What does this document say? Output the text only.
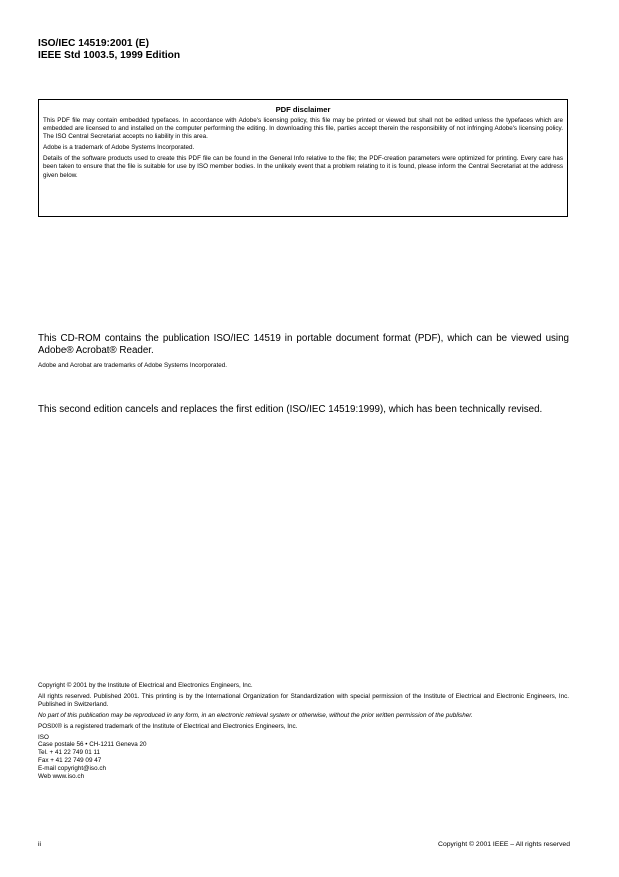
ISO/IEC 14519:2001 (E)
IEEE Std 1003.5, 1999 Edition
PDF disclaimer

This PDF file may contain embedded typefaces. In accordance with Adobe's licensing policy, this file may be printed or viewed but shall not be edited unless the typefaces which are embedded are licensed to and installed on the computer performing the editing. In downloading this file, parties accept therein the responsibility of not infringing Adobe's licensing policy. The ISO Central Secretariat accepts no liability in this area.

Adobe is a trademark of Adobe Systems Incorporated.

Details of the software products used to create this PDF file can be found in the General Info relative to the file; the PDF-creation parameters were optimized for printing. Every care has been taken to ensure that the file is suitable for use by ISO member bodies. In the unlikely event that a problem relating to it is found, please inform the Central Secretariat at the address given below.

This CD-ROM contains the publication ISO/IEC 14519 in portable document format (PDF), which can be viewed using Adobe® Acrobat® Reader.

Adobe and Acrobat are trademarks of Adobe Systems Incorporated.

This second edition cancels and replaces the first edition (ISO/IEC 14519:1999), which has been technically revised.

Copyright © 2001 by the Institute of Electrical and Electronics Engineers, Inc.

All rights reserved. Published 2001. This printing is by the International Organization for Standardization with special permission of the Institute of Electrical and Electronic Engineers, Inc. Published in Switzerland.

No part of this publication may be reproduced in any form, in an electronic retrieval system or otherwise, without the prior written permission of the publisher.

POSIX® is a registered trademark of the Institute of Electrical and Electronics Engineers, Inc.

ISO
Case postale 56 • CH-1211 Geneva 20
Tel. + 41 22 749 01 11
Fax + 41 22 749 09 47
E-mail copyright@iso.ch
Web www.iso.ch
ii	Copyright © 2001 IEEE – All rights reserved
